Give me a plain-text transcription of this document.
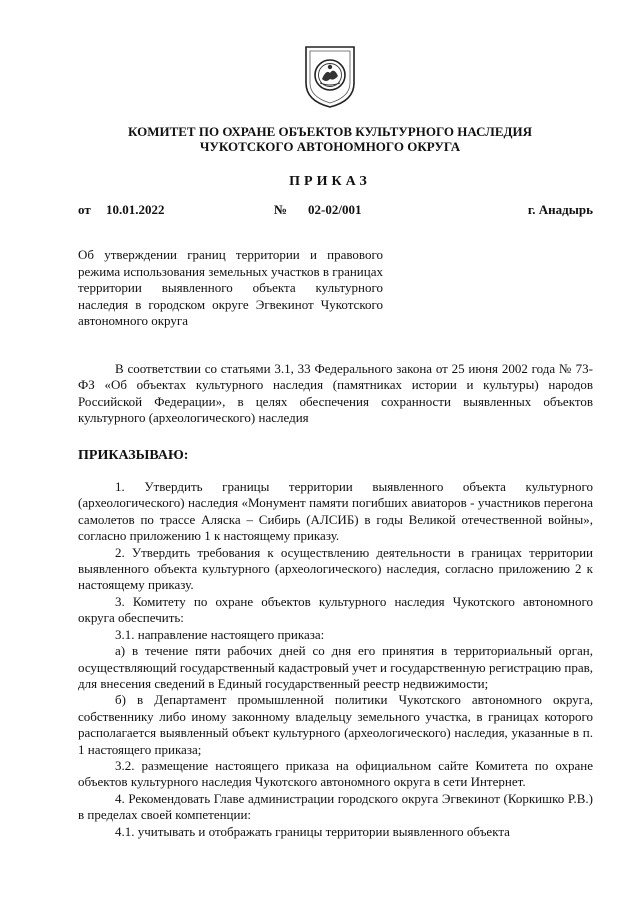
КОМИТЕТ ПО ОХРАНЕ ОБЪЕКТОВ КУЛЬТУРНОГО НАСЛЕДИЯ
ЧУКОТСКОГО АВТОНОМНОГО ОКРУГА
ПРИКАЗ
от 10.01.2022	№ 02-02/001	г. Анадырь
Об утверждении границ территории и правового режима использования земельных участков в границах территории выявленного объекта культурного наследия в городском округе Эгвекинот Чукотского автономного округа

В соответствии со статьями 3.1, 33 Федерального закона от 25 июня 2002 года № 73-ФЗ «Об объектах культурного наследия (памятниках истории и культуры) народов Российской Федерации», в целях обеспечения сохранности выявленных объектов культурного (археологического) наследия

ПРИКАЗЫВАЮ:

1. Утвердить границы территории выявленного объекта культурного (археологического) наследия «Монумент памяти погибших авиаторов - участников перегона самолетов по трассе Аляска – Сибирь (АЛСИБ) в годы Великой отечественной войны», согласно приложению 1 к настоящему приказу.

2. Утвердить требования к осуществлению деятельности в границах территории выявленного объекта культурного (археологического) наследия, согласно приложению 2 к настоящему приказу.

3. Комитету по охране объектов культурного наследия Чукотского автономного округа обеспечить:

3.1. направление настоящего приказа:

а) в течение пяти рабочих дней со дня его принятия в территориальный орган, осуществляющий государственный кадастровый учет и государственную регистрацию прав, для внесения сведений в Единый государственный реестр недвижимости;

б) в Департамент промышленной политики Чукотского автономного округа, собственнику либо иному законному владельцу земельного участка, в границах которого располагается выявленный объект культурного (археологического) наследия, указанные в п. 1 настоящего приказа;

3.2. размещение настоящего приказа на официальном сайте Комитета по охране объектов культурного наследия Чукотского автономного округа в сети Интернет.

4. Рекомендовать Главе администрации городского округа Эгвекинот (Коркишко Р.В.) в пределах своей компетенции:

4.1. учитывать и отображать границы территории выявленного объекта
